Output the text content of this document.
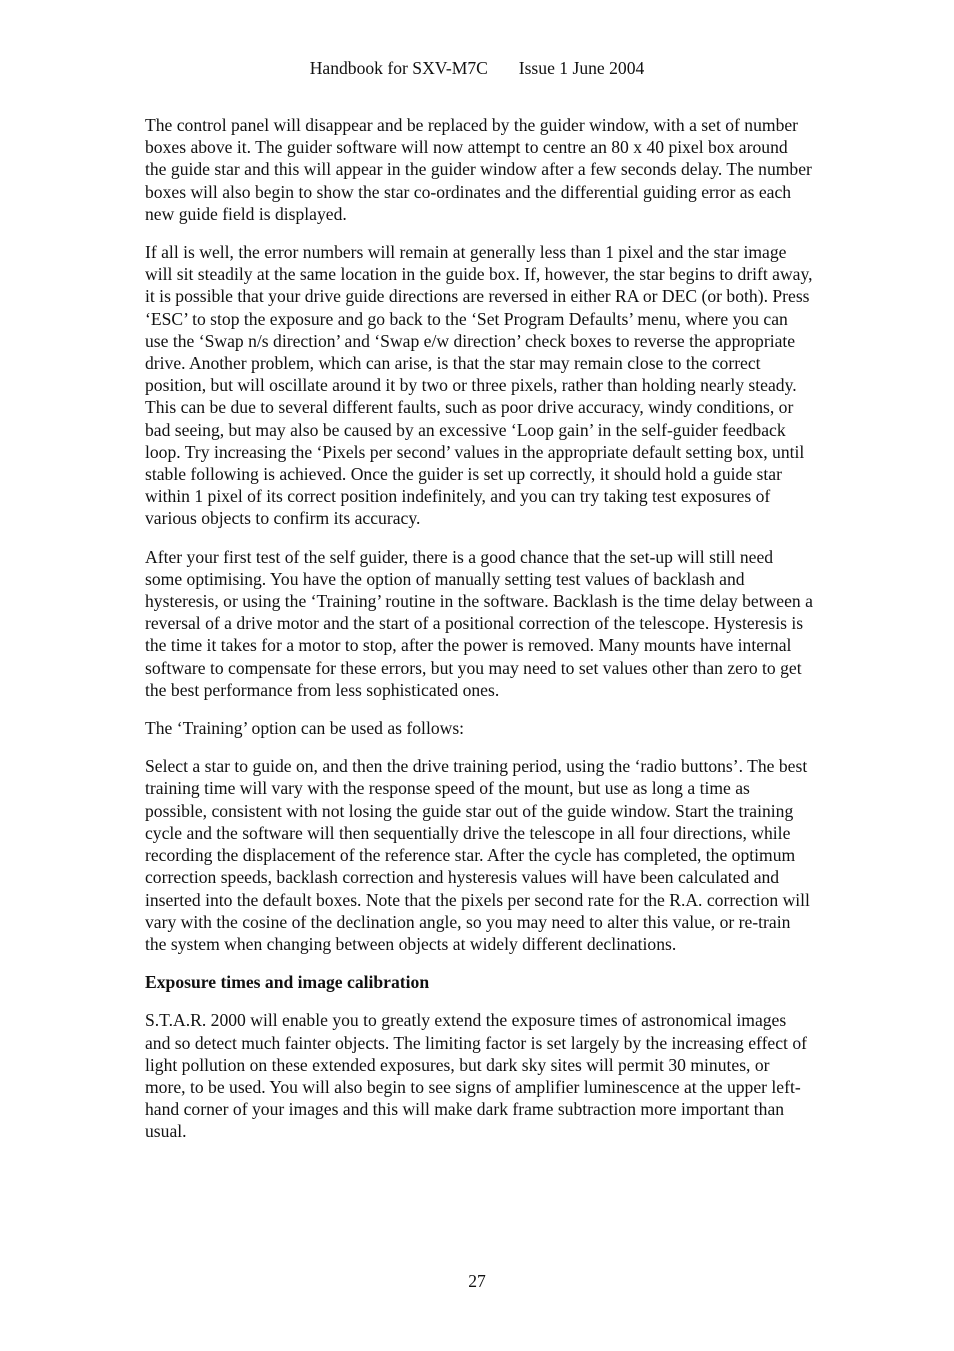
Handbook for SXV-M7C Issue 1 June 2004

The control panel will disappear and be replaced by the guider window, with a set of number boxes above it. The guider software will now attempt to centre an 80 x 40 pixel box around the guide star and this will appear in the guider window after a few seconds delay. The number boxes will also begin to show the star co-ordinates and the differential guiding error as each new guide field is displayed.

If all is well, the error numbers will remain at generally less than 1 pixel and the star image will sit steadily at the same location in the guide box. If, however, the star begins to drift away, it is possible that your drive guide directions are reversed in either RA or DEC (or both). Press ‘ESC’ to stop the exposure and go back to the ‘Set Program Defaults’ menu, where you can use the ‘Swap n/s direction’ and ‘Swap e/w direction’ check boxes to reverse the appropriate drive. Another problem, which can arise, is that the star may remain close to the correct position, but will oscillate around it by two or three pixels, rather than holding nearly steady. This can be due to several different faults, such as poor drive accuracy, windy conditions, or bad seeing, but may also be caused by an excessive ‘Loop gain’ in the self-guider feedback loop. Try increasing the ‘Pixels per second’ values in the appropriate default setting box, until stable following is achieved. Once the guider is set up correctly, it should hold a guide star within 1 pixel of its correct position indefinitely, and you can try taking test exposures of various objects to confirm its accuracy.

After your first test of the self guider, there is a good chance that the set-up will still need some optimising. You have the option of manually setting test values of backlash and hysteresis, or using the ‘Training’ routine in the software. Backlash is the time delay between a reversal of a drive motor and the start of a positional correction of the telescope. Hysteresis is the time it takes for a motor to stop, after the power is removed. Many mounts have internal software to compensate for these errors, but you may need to set values other than zero to get the best performance from less sophisticated ones.

The ‘Training’ option can be used as follows:

Select a star to guide on, and then the drive training period, using the ‘radio buttons’. The best training time will vary with the response speed of the mount, but use as long a time as possible, consistent with not losing the guide star out of the guide window. Start the training cycle and the software will then sequentially drive the telescope in all four directions, while recording the displacement of the reference star. After the cycle has completed, the optimum correction speeds, backlash correction and hysteresis values will have been calculated and inserted into the default boxes. Note that the pixels per second rate for the R.A. correction will vary with the cosine of the declination angle, so you may need to alter this value, or re-train the system when changing between objects at widely different declinations.

Exposure times and image calibration

S.T.A.R. 2000 will enable you to greatly extend the exposure times of astronomical images and so detect much fainter objects. The limiting factor is set largely by the increasing effect of light pollution on these extended exposures, but dark sky sites will permit 30 minutes, or more, to be used. You will also begin to see signs of amplifier luminescence at the upper left-hand corner of your images and this will make dark frame subtraction more important than usual.

27
